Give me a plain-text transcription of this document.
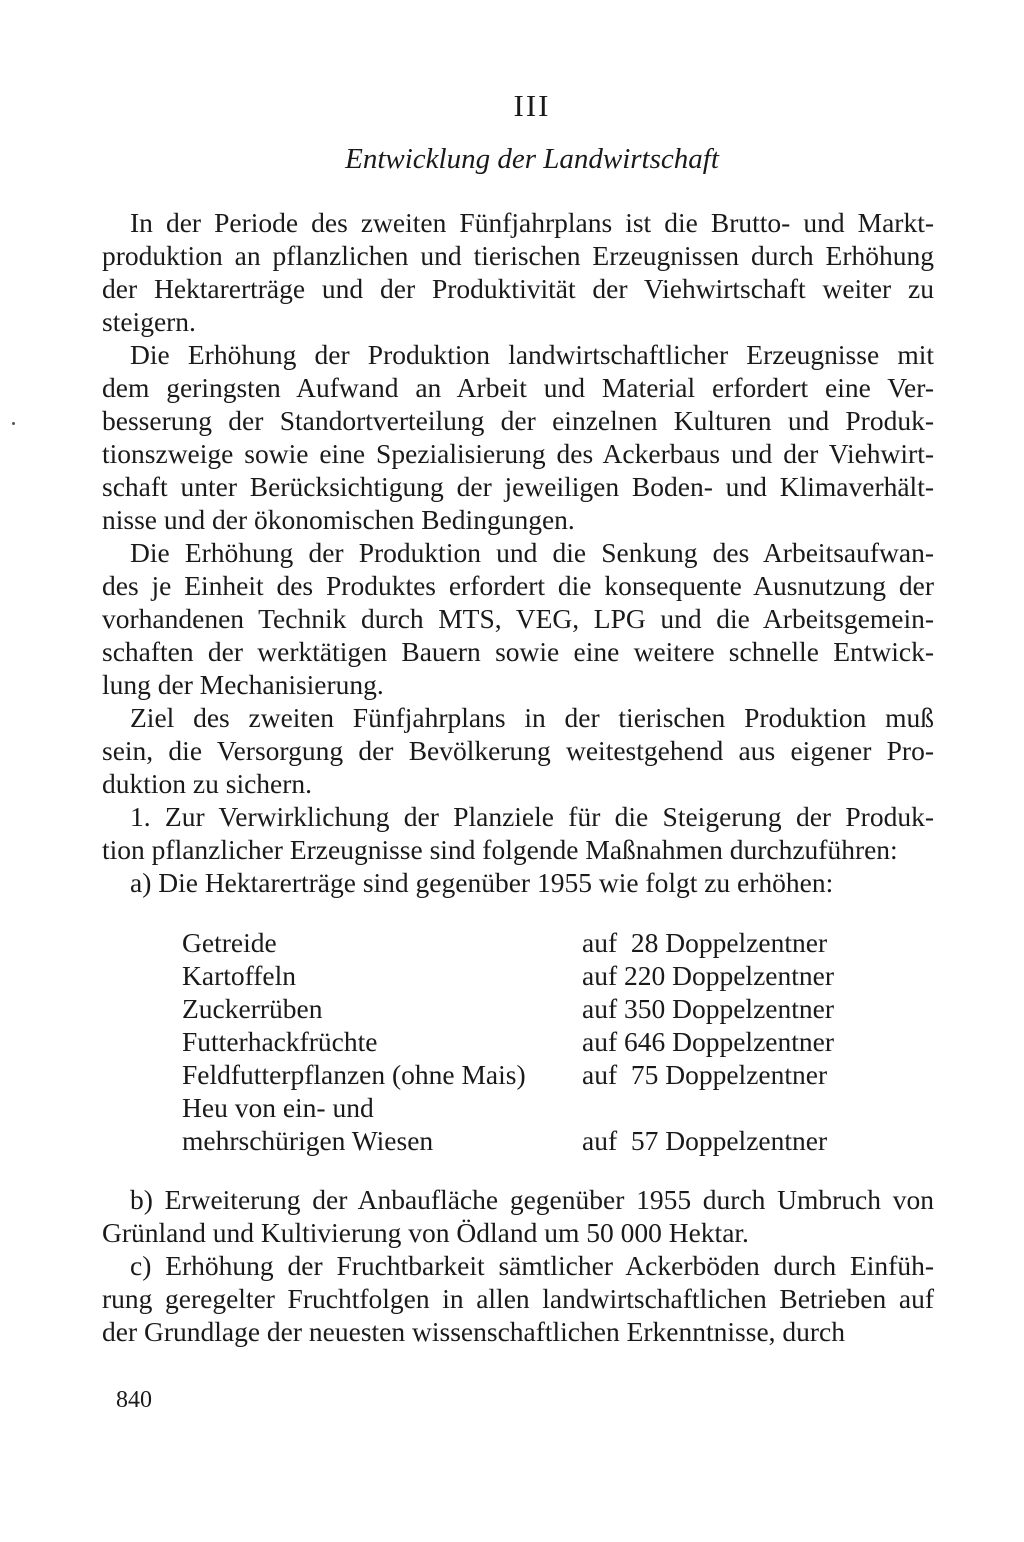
III
Entwicklung der Landwirtschaft
In der Periode des zweiten Fünfjahrplans ist die Brutto- und Markt-
produktion an pflanzlichen und tierischen Erzeugnissen durch Erhöhung
der Hektarerträge und der Produktivität der Viehwirtschaft weiter zu
steigern.
Die Erhöhung der Produktion landwirtschaftlicher Erzeugnisse mit
dem geringsten Aufwand an Arbeit und Material erfordert eine Ver-
besserung der Standortverteilung der einzelnen Kulturen und Produk-
tionszweige sowie eine Spezialisierung des Ackerbaus und der Viehwirt-
schaft unter Berücksichtigung der jeweiligen Boden- und Klimaverhält-
nisse und der ökonomischen Bedingungen.
Die Erhöhung der Produktion und die Senkung des Arbeitsaufwan-
des je Einheit des Produktes erfordert die konsequente Ausnutzung der
vorhandenen Technik durch MTS, VEG, LPG und die Arbeitsgemein-
schaften der werktätigen Bauern sowie eine weitere schnelle Entwick-
lung der Mechanisierung.
Ziel des zweiten Fünfjahrplans in der tierischen Produktion muß
sein, die Versorgung der Bevölkerung weitestgehend aus eigener Pro-
duktion zu sichern.
1. Zur Verwirklichung der Planziele für die Steigerung der Produk-
tion pflanzlicher Erzeugnisse sind folgende Maßnahmen durchzuführen:
a) Die Hektarerträge sind gegenüber 1955 wie folgt zu erhöhen:
Getreide	auf  28 Doppelzentner
Kartoffeln	auf 220 Doppelzentner
Zuckerrüben	auf 350 Doppelzentner
Futterhackfrüchte	auf 646 Doppelzentner
Feldfutterpflanzen (ohne Mais)	auf  75 Doppelzentner
Heu von ein- und
mehrschürigen Wiesen	auf  57 Doppelzentner
b) Erweiterung der Anbaufläche gegenüber 1955 durch Umbruch von
Grünland und Kultivierung von Ödland um 50 000 Hektar.
c) Erhöhung der Fruchtbarkeit sämtlicher Ackerböden durch Einfüh-
rung geregelter Fruchtfolgen in allen landwirtschaftlichen Betrieben auf
der Grundlage der neuesten wissenschaftlichen Erkenntnisse, durch
840
